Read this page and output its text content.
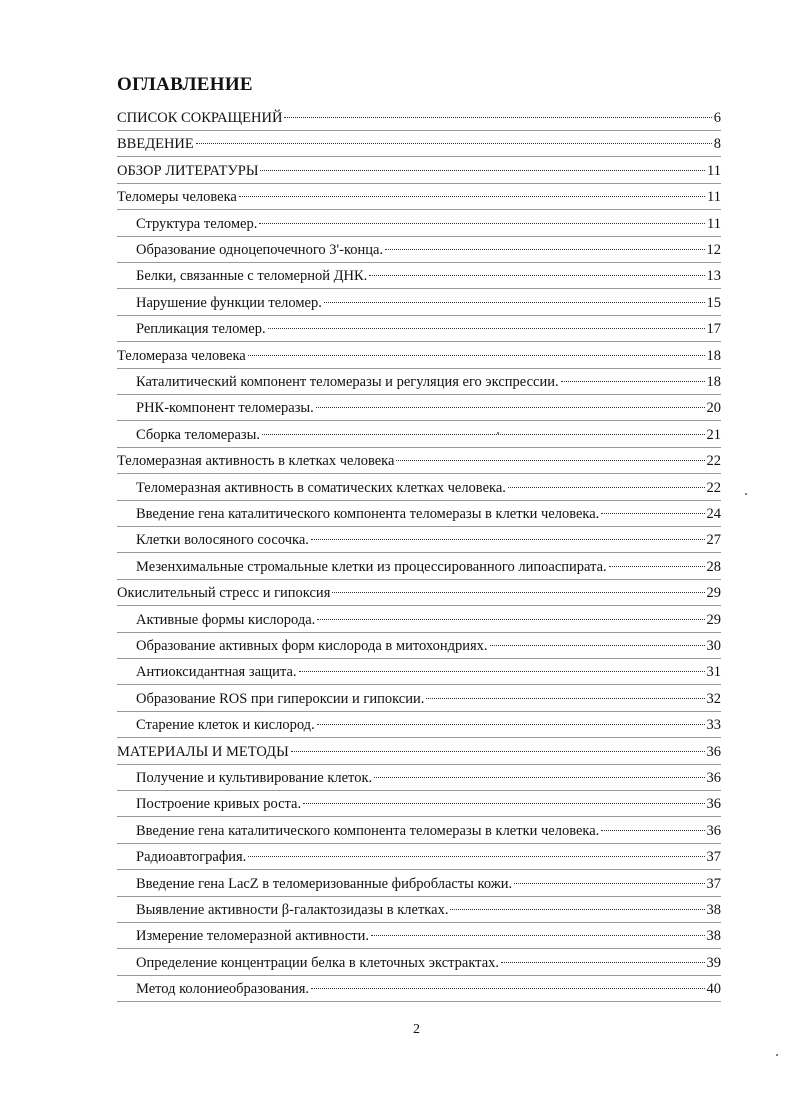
ОГЛАВЛЕНИЕ
СПИСОК СОКРАЩЕНИЙ	6
ВВЕДЕНИЕ	8
ОБЗОР ЛИТЕРАТУРЫ	11
Теломеры человека	11
Структура теломер.	11
Образование одноцепочечного 3'-конца.	12
Белки, связанные с теломерной ДНК.	13
Нарушение функции теломер.	15
Репликация теломер.	17
Теломераза человека	18
Каталитический компонент теломеразы и регуляция его экспрессии.	18
РНК-компонент теломеразы.	20
Сборка теломеразы.	21
Теломеразная активность в клетках человека	22
Теломеразная активность в соматических клетках человека.	22
Введение гена каталитического компонента теломеразы в клетки человека.	24
Клетки волосяного сосочка.	27
Мезенхимальные стромальные клетки из процессированного липоаспирата.	28
Окислительный стресс и гипоксия	29
Активные формы кислорода.	29
Образование активных форм кислорода в митохондриях.	30
Антиоксидантная защита.	31
Образование ROS при гипероксии и гипоксии.	32
Старение клеток и кислород.	33
МАТЕРИАЛЫ И МЕТОДЫ	36
Получение и культивирование клеток.	36
Построение кривых роста.	36
Введение гена каталитического компонента теломеразы в клетки человека.	36
Радиоавтография.	37
Введение гена LacZ в теломеризованные фибробласты кожи.	37
Выявление активности β-галактозидазы в клетках.	38
Измерение теломеразной активности.	38
Определение концентрации белка в клеточных экстрактах.	39
Метод колониеобразования.	40
2
